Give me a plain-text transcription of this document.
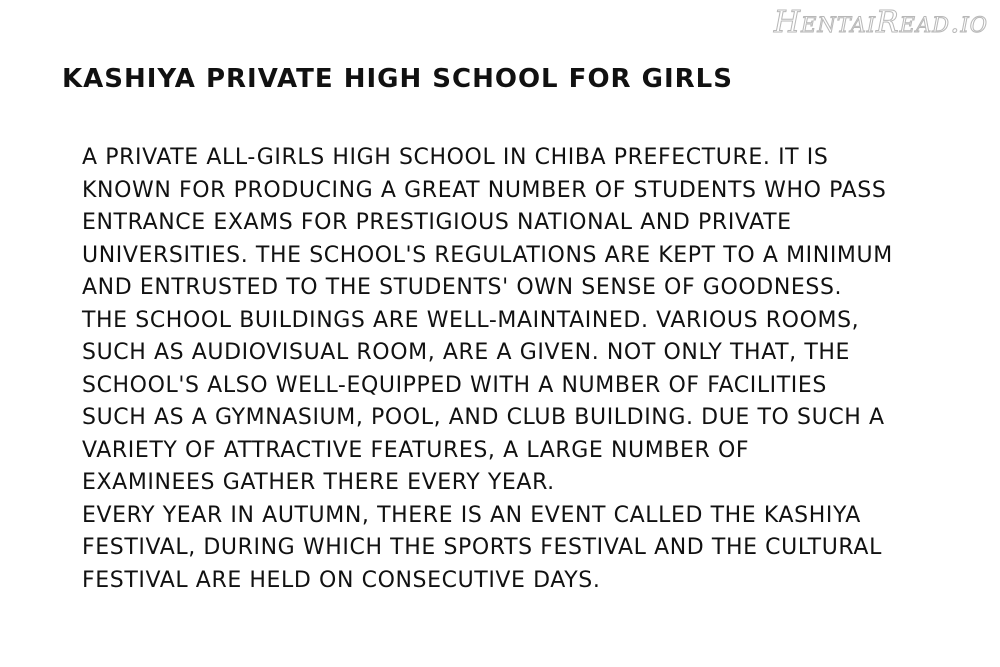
HentaiRead.io
KASHIYA PRIVATE HIGH SCHOOL FOR GIRLS
A PRIVATE ALL-GIRLS HIGH SCHOOL IN CHIBA PREFECTURE. IT IS
KNOWN FOR PRODUCING A GREAT NUMBER OF STUDENTS WHO PASS
ENTRANCE EXAMS FOR PRESTIGIOUS NATIONAL AND PRIVATE
UNIVERSITIES. THE SCHOOL'S REGULATIONS ARE KEPT TO A MINIMUM
AND ENTRUSTED TO THE STUDENTS' OWN SENSE OF GOODNESS.
THE SCHOOL BUILDINGS ARE WELL-MAINTAINED. VARIOUS ROOMS,
SUCH AS AUDIOVISUAL ROOM, ARE A GIVEN. NOT ONLY THAT, THE
SCHOOL'S ALSO WELL-EQUIPPED WITH A NUMBER OF FACILITIES
SUCH AS A GYMNASIUM, POOL, AND CLUB BUILDING. DUE TO SUCH A
VARIETY OF ATTRACTIVE FEATURES, A LARGE NUMBER OF
EXAMINEES GATHER THERE EVERY YEAR.
EVERY YEAR IN AUTUMN, THERE IS AN EVENT CALLED THE KASHIYA
FESTIVAL, DURING WHICH THE SPORTS FESTIVAL AND THE CULTURAL
FESTIVAL ARE HELD ON CONSECUTIVE DAYS.
